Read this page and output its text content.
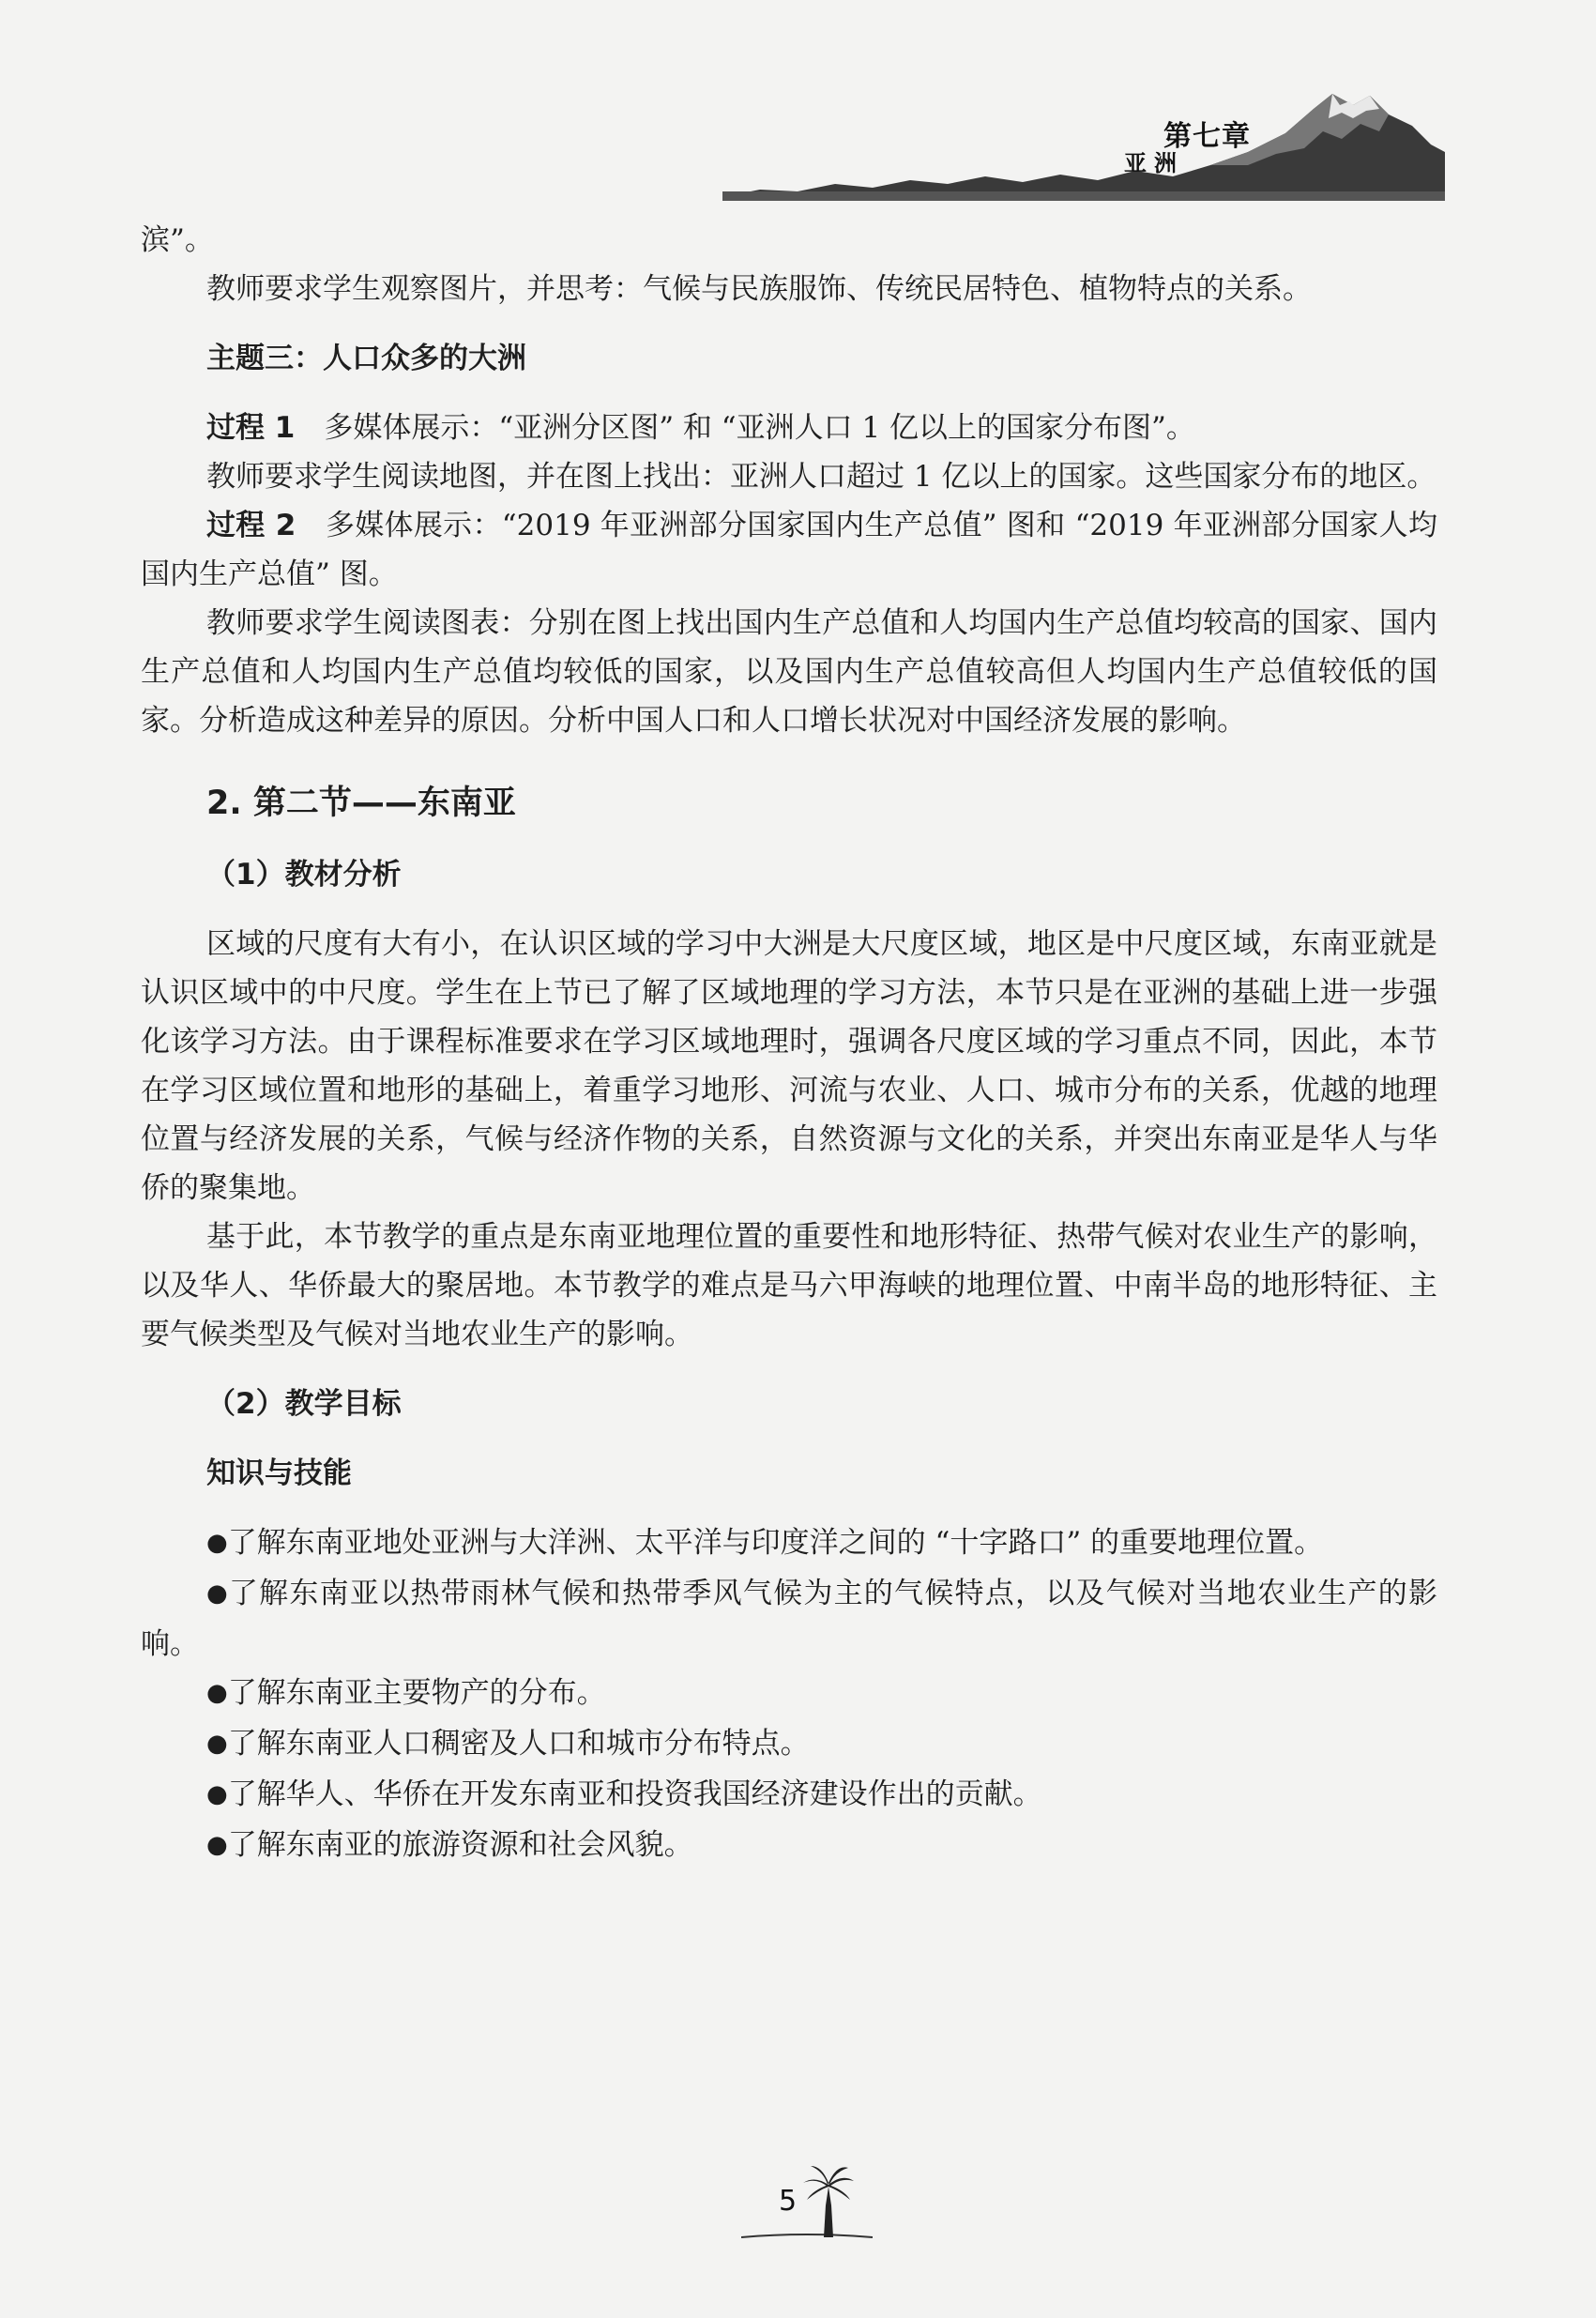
第七章
亚洲

滨”。

教师要求学生观察图片，并思考：气候与民族服饰、传统民居特色、植物特点的关系。

主题三：人口众多的大洲

过程 1　 多媒体展示：“亚洲分区图” 和 “亚洲人口 1 亿以上的国家分布图”。

教师要求学生阅读地图，并在图上找出：亚洲人口超过 1 亿以上的国家。这些国家分布的地区。

过程 2　 多媒体展示：“2019 年亚洲部分国家国内生产总值” 图和 “2019 年亚洲部分国家人均国内生产总值” 图。

教师要求学生阅读图表：分别在图上找出国内生产总值和人均国内生产总值均较高的国家、国内生产总值和人均国内生产总值均较低的国家，以及国内生产总值较高但人均国内生产总值较低的国家。分析造成这种差异的原因。分析中国人口和人口增长状况对中国经济发展的影响。

2. 第二节——东南亚
（1）教材分析

区域的尺度有大有小，在认识区域的学习中大洲是大尺度区域，地区是中尺度区域，东南亚就是认识区域中的中尺度。学生在上节已了解了区域地理的学习方法，本节只是在亚洲的基础上进一步强化该学习方法。由于课程标准要求在学习区域地理时，强调各尺度区域的学习重点不同，因此，本节在学习区域位置和地形的基础上，着重学习地形、河流与农业、人口、城市分布的关系，优越的地理位置与经济发展的关系，气候与经济作物的关系，自然资源与文化的关系，并突出东南亚是华人与华侨的聚集地。

基于此，本节教学的重点是东南亚地理位置的重要性和地形特征、热带气候对农业生产的影响，以及华人、华侨最大的聚居地。本节教学的难点是马六甲海峡的地理位置、中南半岛的地形特征、主要气候类型及气候对当地农业生产的影响。

（2）教学目标
知识与技能

●了解东南亚地处亚洲与大洋洲、太平洋与印度洋之间的 “十字路口” 的重要地理位置。

●了解东南亚以热带雨林气候和热带季风气候为主的气候特点，以及气候对当地农业生产的影响。

●了解东南亚主要物产的分布。

●了解东南亚人口稠密及人口和城市分布特点。

●了解华人、华侨在开发东南亚和投资我国经济建设作出的贡献。

●了解东南亚的旅游资源和社会风貌。

5
